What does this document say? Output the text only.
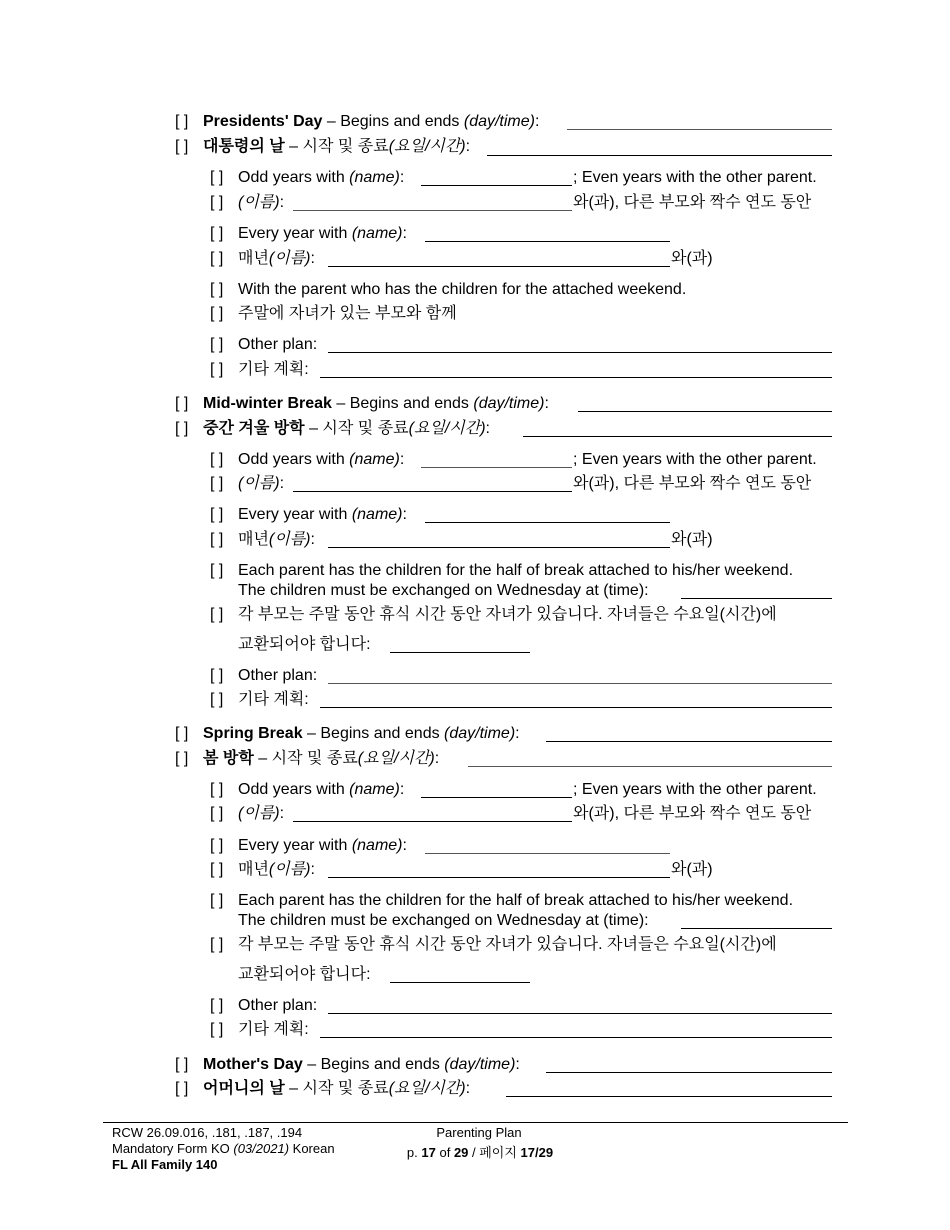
[ ] Presidents' Day – Begins and ends (day/time):
[ ] 대통령의 날 – 시작 및 종료(요일/시간):
[ ] Odd years with (name):	; Even years with the other parent.
[ ] (이름):	와(과), 다른 부모와 짝수 연도 동안
[ ] Every year with (name):
[ ] 매년(이름):	와(과)
[ ] With the parent who has the children for the attached weekend.
[ ] 주말에 자녀가 있는 부모와 함께
[ ] Other plan:
[ ] 기타 계획:
[ ] Mid-winter Break – Begins and ends (day/time):
[ ] 중간 겨울 방학 – 시작 및 종료(요일/시간):
[ ] Odd years with (name):	; Even years with the other parent.
[ ] (이름):	와(과), 다른 부모와 짝수 연도 동안
[ ] Every year with (name):
[ ] 매년(이름):	와(과)
[ ] Each parent has the children for the half of break attached to his/her weekend.
The children must be exchanged on Wednesday at (time):
[ ] 각 부모는 주말 동안 휴식 시간 동안 자녀가 있습니다. 자녀들은 수요일(시간)에
교환되어야 합니다:
[ ] Other plan:
[ ] 기타 계획:
[ ] Spring Break – Begins and ends (day/time):
[ ] 봄 방학 – 시작 및 종료(요일/시간):
[ ] Odd years with (name):	; Even years with the other parent.
[ ] (이름):	와(과), 다른 부모와 짝수 연도 동안
[ ] Every year with (name):
[ ] 매년(이름):	와(과)
[ ] Each parent has the children for the half of break attached to his/her weekend.
The children must be exchanged on Wednesday at (time):
[ ] 각 부모는 주말 동안 휴식 시간 동안 자녀가 있습니다. 자녀들은 수요일(시간)에
교환되어야 합니다:
[ ] Other plan:
[ ] 기타 계획:
[ ] Mother's Day – Begins and ends (day/time):
[ ] 어머니의 날 – 시작 및 종료(요일/시간):
RCW 26.09.016, .181, .187, .194
Mandatory Form KO (03/2021) Korean
FL All Family 140
Parenting Plan
p. 17 of 29 / 페이지 17/29
